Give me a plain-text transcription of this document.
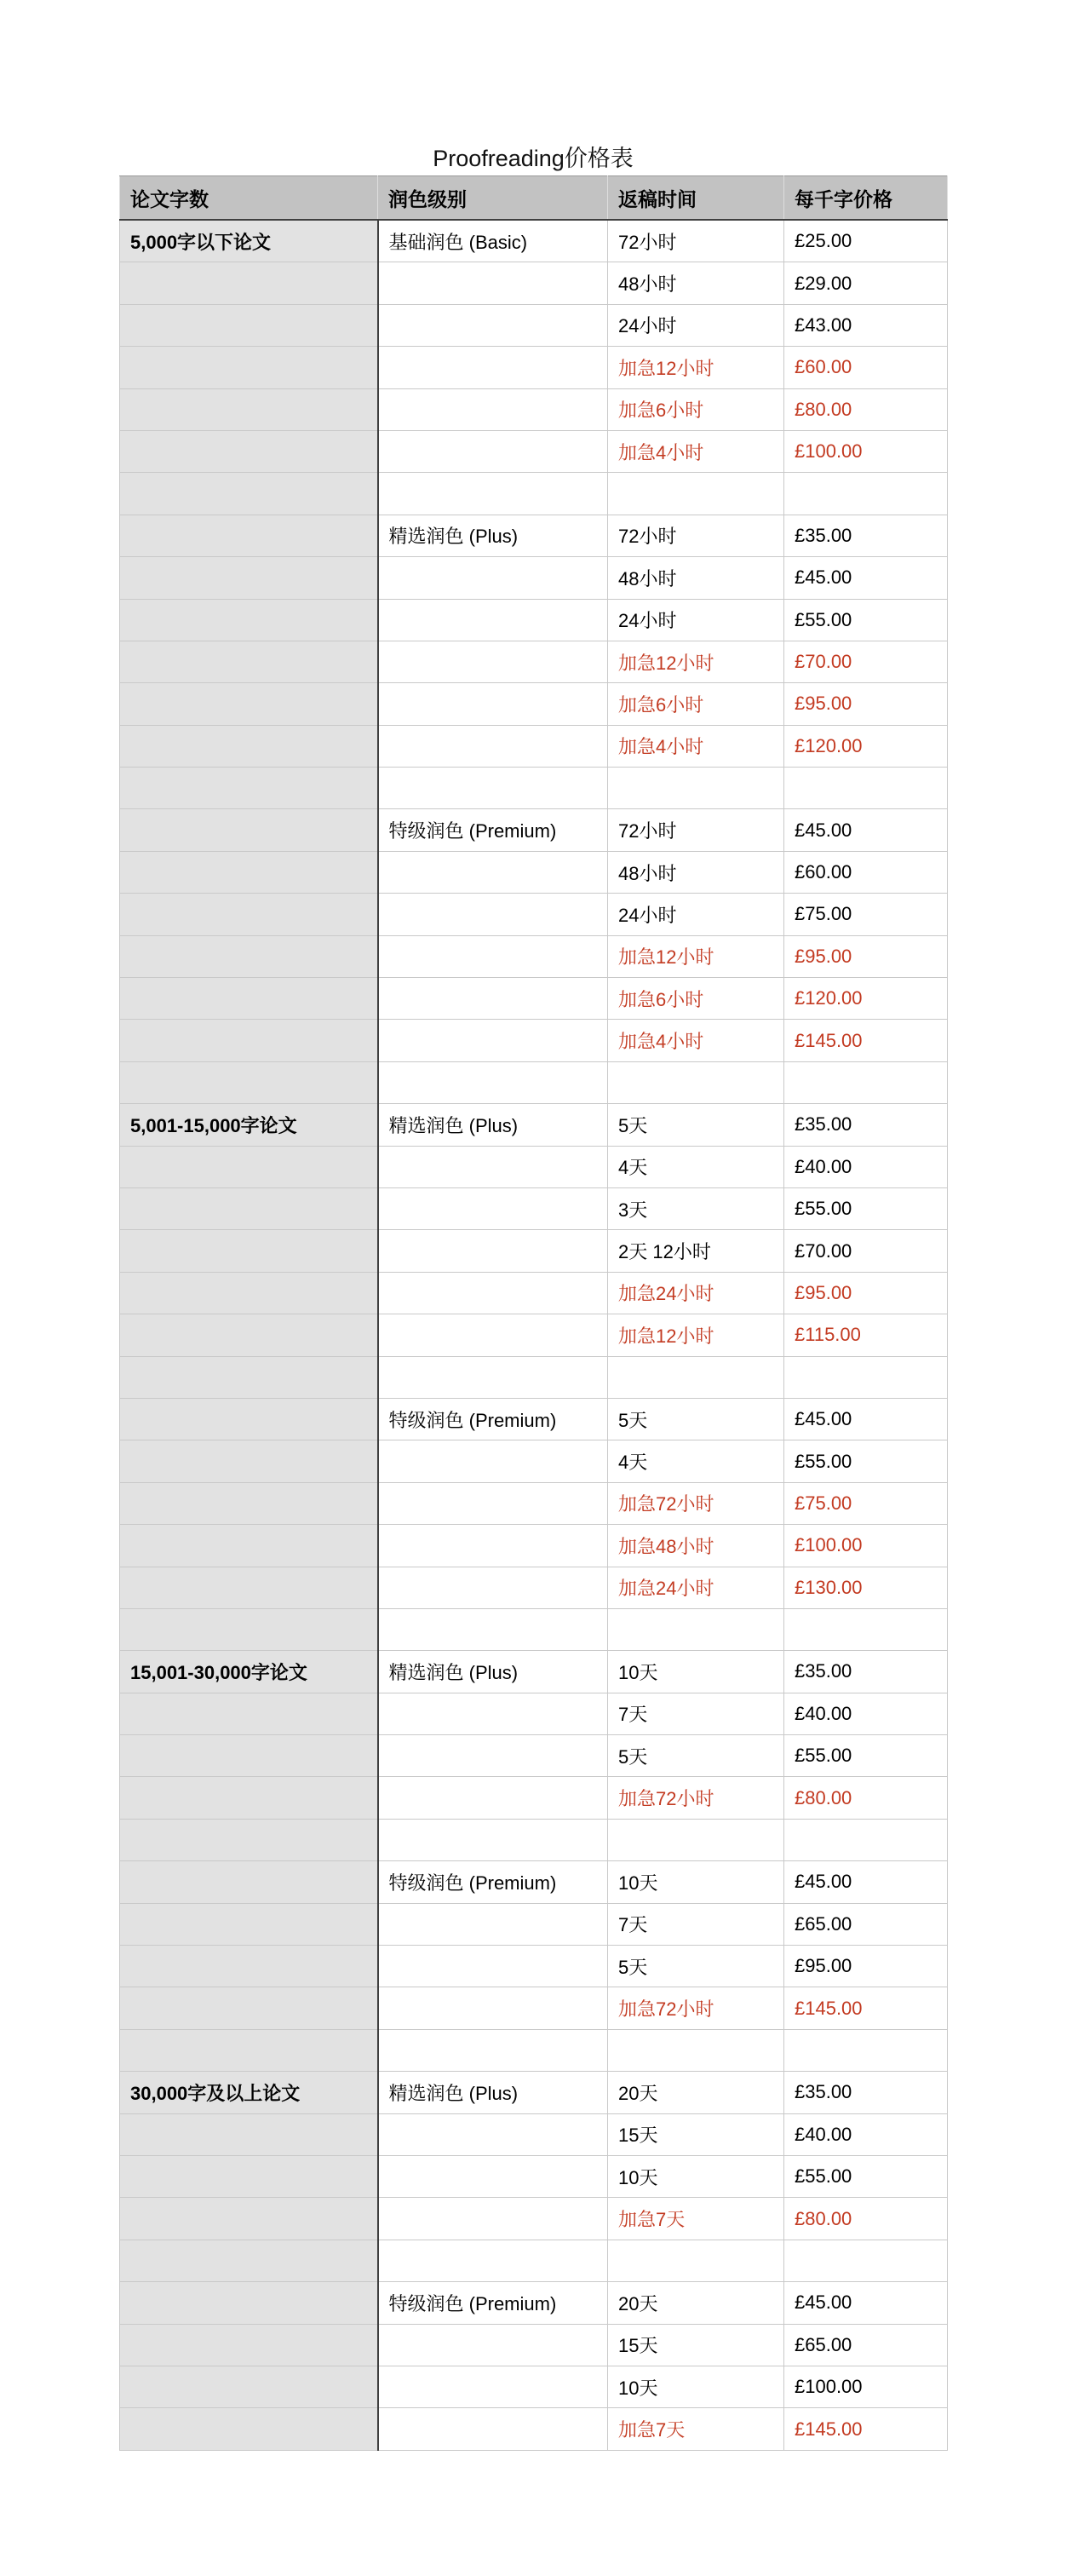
Proofreading价格表
论文字数	润色级别	返稿时间	每千字价格
5,000字以下论文	基础润色 (Basic)	72小时	£25.00
		48小时	£29.00
		24小时	£43.00
		加急12小时	£60.00
		加急6小时	£80.00
		加急4小时	£100.00

	精选润色 (Plus)	72小时	£35.00
		48小时	£45.00
		24小时	£55.00
		加急12小时	£70.00
		加急6小时	£95.00
		加急4小时	£120.00

	特级润色 (Premium)	72小时	£45.00
		48小时	£60.00
		24小时	£75.00
		加急12小时	£95.00
		加急6小时	£120.00
		加急4小时	£145.00

5,001-15,000字论文	精选润色 (Plus)	5天	£35.00
		4天	£40.00
		3天	£55.00
		2天 12小时	£70.00
		加急24小时	£95.00
		加急12小时	£115.00

	特级润色 (Premium)	5天	£45.00
		4天	£55.00
		加急72小时	£75.00
		加急48小时	£100.00
		加急24小时	£130.00

15,001-30,000字论文	精选润色 (Plus)	10天	£35.00
		7天	£40.00
		5天	£55.00
		加急72小时	£80.00

	特级润色 (Premium)	10天	£45.00
		7天	£65.00
		5天	£95.00
		加急72小时	£145.00

30,000字及以上论文	精选润色 (Plus)	20天	£35.00
		15天	£40.00
		10天	£55.00
		加急7天	£80.00

	特级润色 (Premium)	20天	£45.00
		15天	£65.00
		10天	£100.00
		加急7天	£145.00
